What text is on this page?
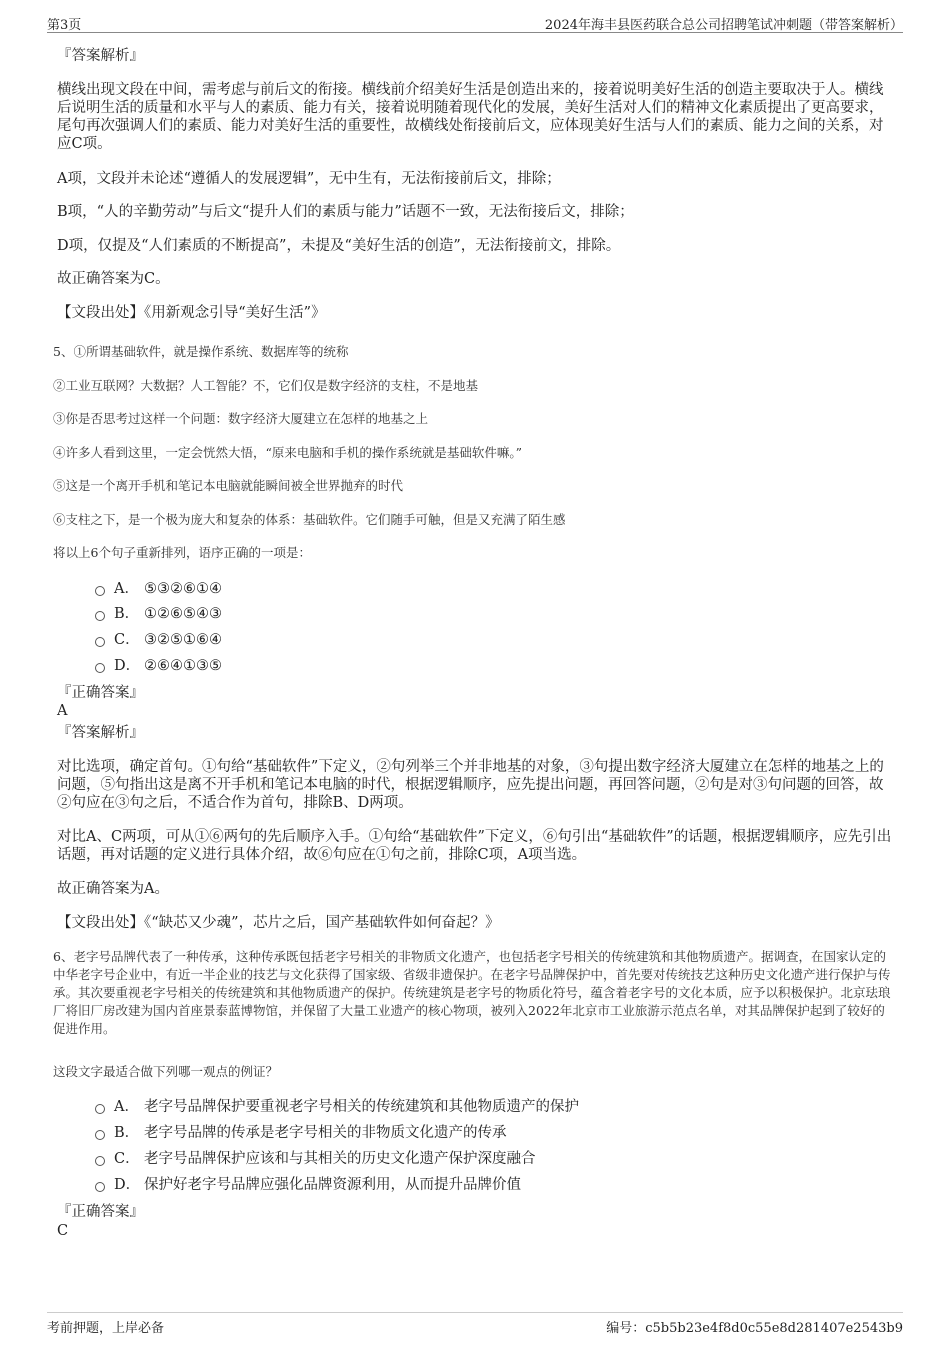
第3页	2024年海丰县医药联合总公司招聘笔试冲刺题（带答案解析）
『答案解析』
横线出现文段在中间，需考虑与前后文的衔接。横线前介绍美好生活是创造出来的，接着说明美好生活的创造主要取决于人。横线后说明生活的质量和水平与人的素质、能力有关，接着说明随着现代化的发展，美好生活对人们的精神文化素质提出了更高要求，尾句再次强调人们的素质、能力对美好生活的重要性，故横线处衔接前后文，应体现美好生活与人们的素质、能力之间的关系，对应C项。
A项，文段并未论述“遵循人的发展逻辑”，无中生有，无法衔接前后文，排除；
B项，“人的辛勤劳动”与后文“提升人们的素质与能力”话题不一致，无法衔接后文，排除；
D项，仅提及“人们素质的不断提高”，未提及“美好生活的创造”，无法衔接前文，排除。
故正确答案为C。
【文段出处】《用新观念引导“美好生活”》
5、①所谓基础软件，就是操作系统、数据库等的统称
②工业互联网？大数据？人工智能？不，它们仅是数字经济的支柱，不是地基
③你是否思考过这样一个问题：数字经济大厦建立在怎样的地基之上
④许多人看到这里，一定会恍然大悟，“原来电脑和手机的操作系统就是基础软件嘛。”
⑤这是一个离开手机和笔记本电脑就能瞬间被全世界抛弃的时代
⑥支柱之下，是一个极为庞大和复杂的体系：基础软件。它们随手可触，但是又充满了陌生感
将以上6个句子重新排列，语序正确的一项是：
A． ⑤③②⑥①④
B． ①②⑥⑤④③
C． ③②⑤①⑥④
D． ②⑥④①③⑤
『正确答案』
A
『答案解析』
对比选项，确定首句。①句给“基础软件”下定义，②句列举三个并非地基的对象，③句提出数字经济大厦建立在怎样的地基之上的问题，⑤句指出这是离不开手机和笔记本电脑的时代，根据逻辑顺序，应先提出问题，再回答问题，②句是对③句问题的回答，故②句应在③句之后，不适合作为首句，排除B、D两项。
对比A、C两项，可从①⑥两句的先后顺序入手。①句给“基础软件”下定义，⑥句引出“基础软件”的话题，根据逻辑顺序，应先引出话题，再对话题的定义进行具体介绍，故⑥句应在①句之前，排除C项，A项当选。
故正确答案为A。
【文段出处】《“缺芯又少魂”，芯片之后，国产基础软件如何奋起？》
6、老字号品牌代表了一种传承，这种传承既包括老字号相关的非物质文化遗产，也包括老字号相关的传统建筑和其他物质遗产。据调查，在国家认定的中华老字号企业中，有近一半企业的技艺与文化获得了国家级、省级非遗保护。在老字号品牌保护中，首先要对传统技艺这种历史文化遗产进行保护与传承。其次要重视老字号相关的传统建筑和其他物质遗产的保护。传统建筑是老字号的物质化符号，蕴含着老字号的文化本质，应予以积极保护。北京珐琅厂将旧厂房改建为国内首座景泰蓝博物馆，并保留了大量工业遗产的核心物项，被列入2022年北京市工业旅游示范点名单，对其品牌保护起到了较好的促进作用。
这段文字最适合做下列哪一观点的例证？
A． 老字号品牌保护要重视老字号相关的传统建筑和其他物质遗产的保护
B． 老字号品牌的传承是老字号相关的非物质文化遗产的传承
C． 老字号品牌保护应该和与其相关的历史文化遗产保护深度融合
D． 保护好老字号品牌应强化品牌资源利用，从而提升品牌价值
『正确答案』
C
考前押题，上岸必备	编号：c5b5b23e4f8d0c55e8d281407e2543b9
